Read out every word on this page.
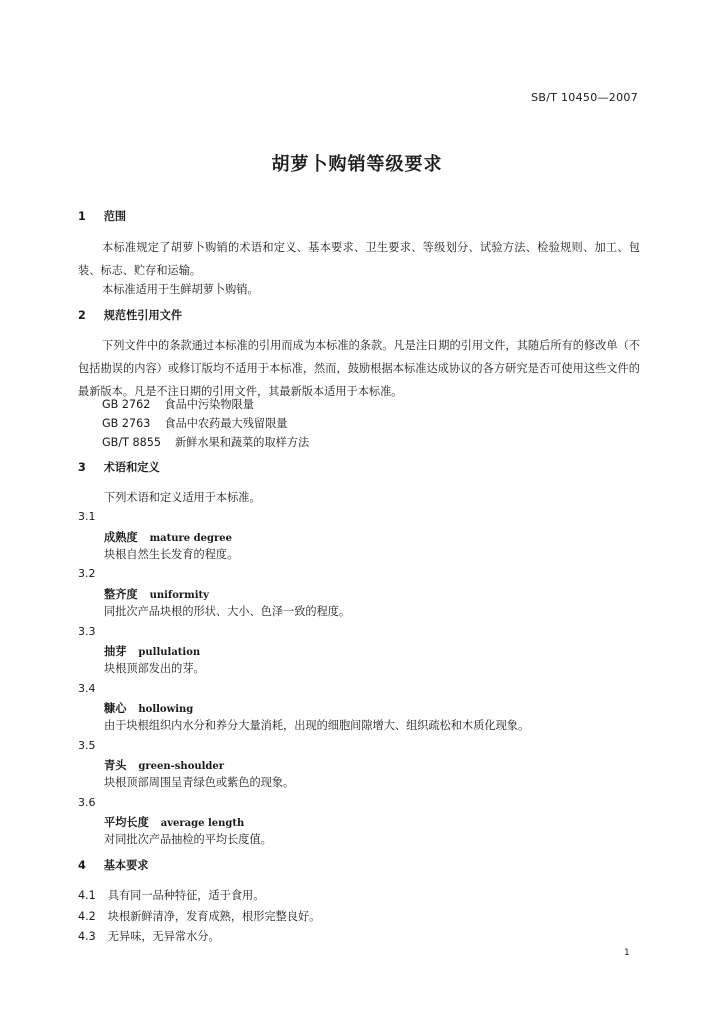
SB/T 10450—2007
胡萝卜购销等级要求
1 范围
本标准规定了胡萝卜购销的术语和定义、基本要求、卫生要求、等级划分、试验方法、检验规则、加工、包装、标志、贮存和运输。
本标准适用于生鲜胡萝卜购销。
2 规范性引用文件
下列文件中的条款通过本标准的引用而成为本标准的条款。凡是注日期的引用文件，其随后所有的修改单（不包括勘误的内容）或修订版均不适用于本标准，然而，鼓励根据本标准达成协议的各方研究是否可使用这些文件的最新版本。凡是不注日期的引用文件，其最新版本适用于本标准。
GB 2762 食品中污染物限量
GB 2763 食品中农药最大残留限量
GB/T 8855 新鲜水果和蔬菜的取样方法
3 术语和定义
下列术语和定义适用于本标准。
3.1
成熟度 mature degree
块根自然生长发育的程度。
3.2
整齐度 uniformity
同批次产品块根的形状、大小、色泽一致的程度。
3.3
抽芽 pullulation
块根顶部发出的芽。
3.4
糠心 hollowing
由于块根组织内水分和养分大量消耗，出现的细胞间隙增大、组织疏松和木质化现象。
3.5
青头 green-shoulder
块根顶部周围呈青绿色或紫色的现象。
3.6
平均长度 average length
对同批次产品抽检的平均长度值。
4 基本要求
4.1 具有同一品种特征，适于食用。
4.2 块根新鲜清净，发育成熟，根形完整良好。
4.3 无异味，无异常水分。
1
